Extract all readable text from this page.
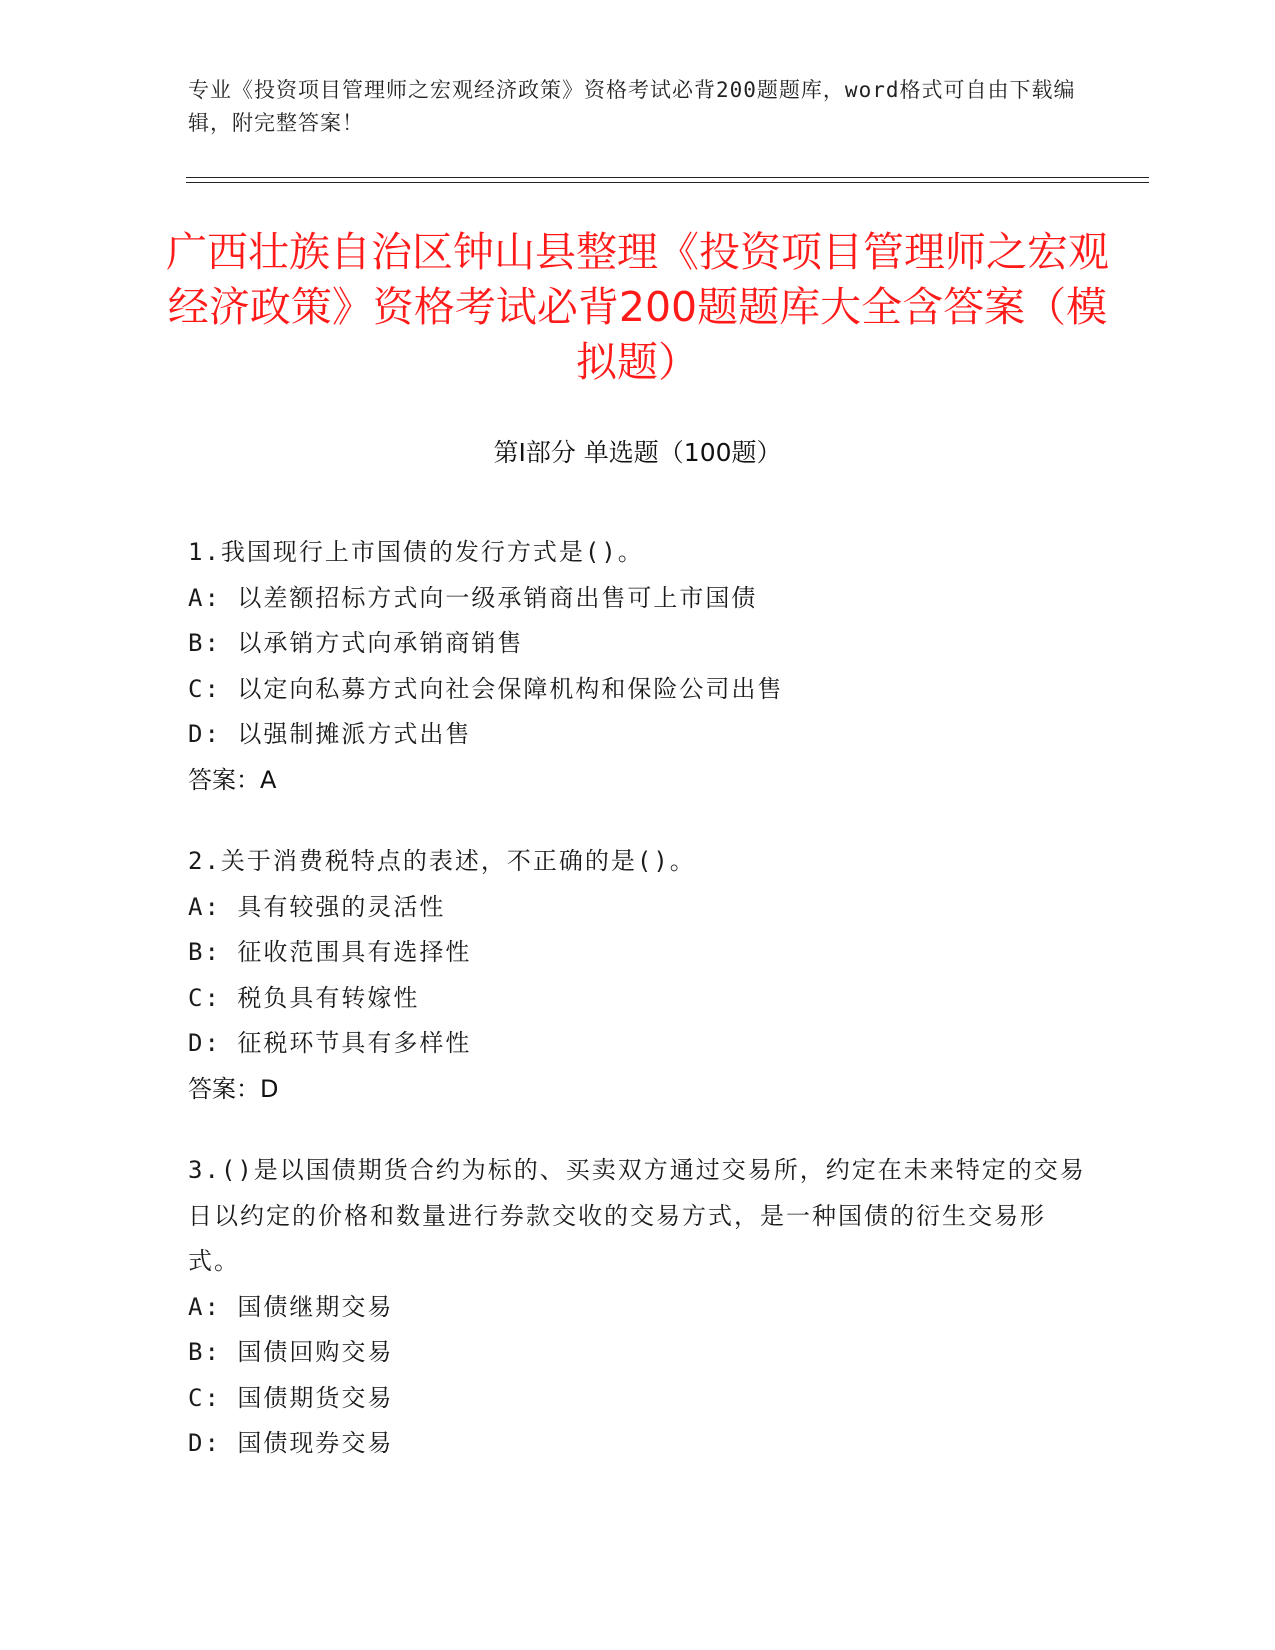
专业《投资项目管理师之宏观经济政策》资格考试必背200题题库，word格式可自由下载编辑，附完整答案！
广西壮族自治区钟山县整理《投资项目管理师之宏观经济政策》资格考试必背200题题库大全含答案（模拟题）
第I部分 单选题（100题）

1.我国现行上市国债的发行方式是()。

A: 以差额招标方式向一级承销商出售可上市国债

B: 以承销方式向承销商销售

C: 以定向私募方式向社会保障机构和保险公司出售

D: 以强制摊派方式出售

答案：A

2.关于消费税特点的表述，不正确的是()。

A: 具有较强的灵活性

B: 征收范围具有选择性

C: 税负具有转嫁性

D: 征税环节具有多样性

答案：D

3.()是以国债期货合约为标的、买卖双方通过交易所，约定在未来特定的交易日以约定的价格和数量进行券款交收的交易方式，是一种国债的衍生交易形式。

A: 国债继期交易

B: 国债回购交易

C: 国债期货交易

D: 国债现券交易
